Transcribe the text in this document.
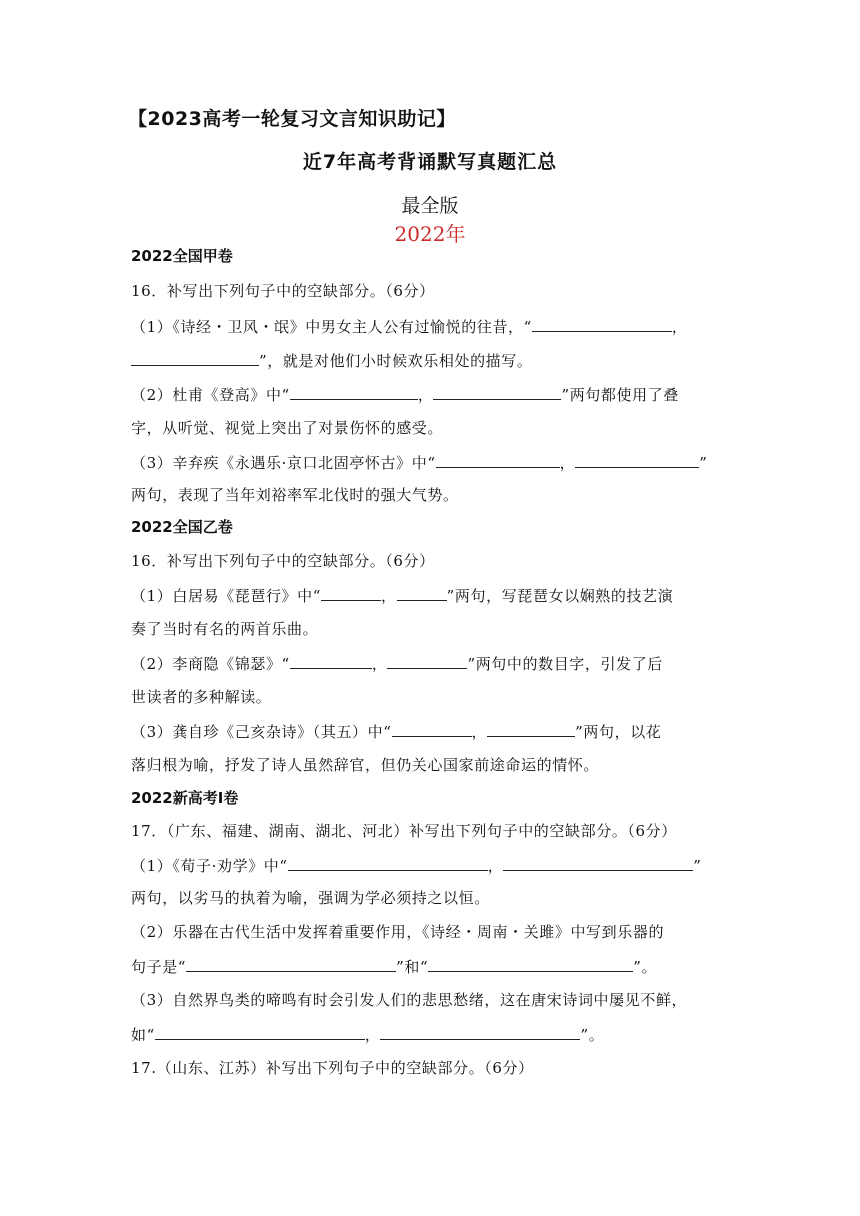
【2023高考一轮复习文言知识助记】
近7年高考背诵默写真题汇总
最全版
2022年
2022全国甲卷
16．补写出下列句子中的空缺部分。（6分）
（1）《诗经・卫风・氓》中男女主人公有过愉悦的往昔，“	，
”，就是对他们小时候欢乐相处的描写。
（2）杜甫《登高》中“	，	”两句都使用了叠
字，从听觉、视觉上突出了对景伤怀的感受。
（3）辛弃疾《永遇乐·京口北固亭怀古》中“	，	”
两句，表现了当年刘裕率军北伐时的强大气势。
2022全国乙卷
16．补写出下列句子中的空缺部分。（6分）
（1）白居易《琵琶行》中“	，	”两句，写琵琶女以娴熟的技艺演
奏了当时有名的两首乐曲。
（2）李商隐《锦瑟》“	，	”两句中的数目字，引发了后
世读者的多种解读。
（3）龚自珍《己亥杂诗》（其五）中“	，	”两句，以花
落归根为喻，抒发了诗人虽然辞官，但仍关心国家前途命运的情怀。
2022新高考Ⅰ卷
17．（广东、福建、湖南、湖北、河北）补写出下列句子中的空缺部分。（6分）
（1）《荀子·劝学》中“	，	”
两句，以劣马的执着为喻，强调为学必须持之以恒。
（2）乐器在古代生活中发挥着重要作用，《诗经・周南・关雎》中写到乐器的
句子是“	”和“	”。
（3）自然界鸟类的啼鸣有时会引发人们的悲思愁绪，这在唐宋诗词中屡见不鲜，
如“	，	”。
17.（山东、江苏）补写出下列句子中的空缺部分。（6分）
